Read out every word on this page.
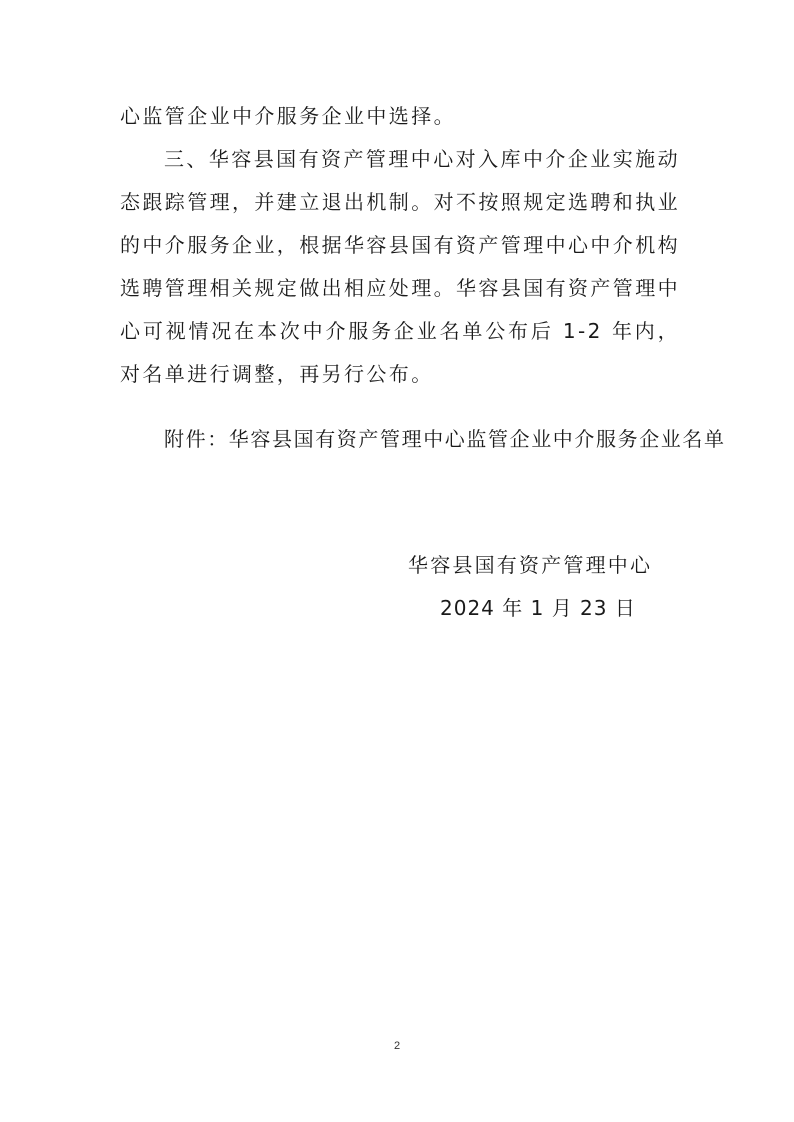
心监管企业中介服务企业中选择。

三、华容县国有资产管理中心对入库中介企业实施动态跟踪管理，并建立退出机制。对不按照规定选聘和执业的中介服务企业，根据华容县国有资产管理中心中介机构选聘管理相关规定做出相应处理。华容县国有资产管理中心可视情况在本次中介服务企业名单公布后 1-2 年内，对名单进行调整，再另行公布。

附件：华容县国有资产管理中心监管企业中介服务企业名单

华容县国有资产管理中心

2024 年 1 月 23 日

2
